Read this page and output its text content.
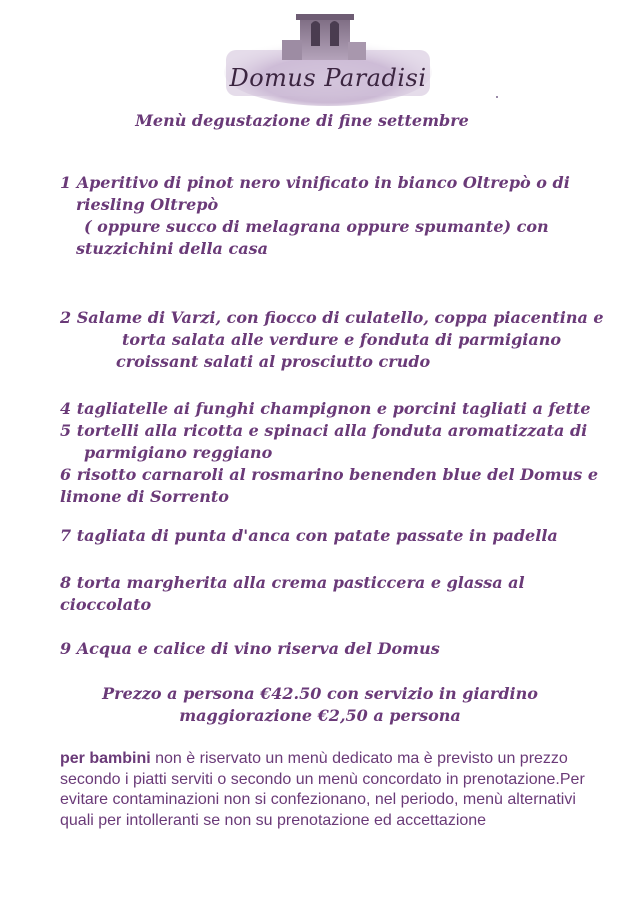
Domus Paradisi
Menù degustazione di fine settembre
1 Aperitivo di pinot nero vinificato in bianco Oltrepò o di
riesling Oltrepò
( oppure succo di melagrana oppure spumante) con
stuzzichini della casa
2 Salame di Varzi, con fiocco di culatello, coppa piacentina e
torta salata alle verdure e fonduta di parmigiano
croissant salati al prosciutto crudo
4 tagliatelle ai funghi champignon e porcini tagliati a fette
5 tortelli alla ricotta e spinaci alla fonduta aromatizzata di
parmigiano reggiano
6 risotto carnaroli al rosmarino benenden blue del Domus e
limone di Sorrento
7 tagliata di punta d'anca con patate passate in padella
8 torta margherita alla crema pasticcera e glassa al
cioccolato
9 Acqua e calice di vino riserva del Domus
Prezzo a persona €42.50 con servizio in giardino
maggiorazione €2,50 a persona
per bambini non è riservato un menù dedicato ma è previsto un prezzo secondo i piatti serviti o secondo un menù concordato in prenotazione.Per evitare contaminazioni non si confezionano, nel periodo, menù alternativi quali per intolleranti se non su prenotazione ed accettazione
